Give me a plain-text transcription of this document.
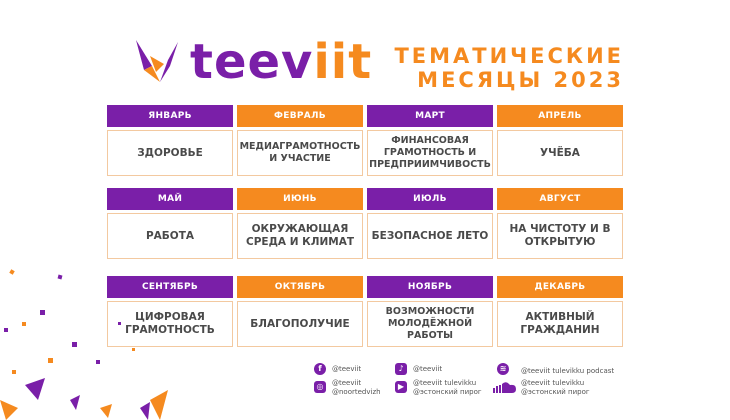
teeviit ТЕМАТИЧЕСКИЕ
МЕСЯЦЫ 2023
ЯНВАРЬ
ЗДОРОВЬЕ
ФЕВРАЛЬ
МЕДИАГРАМОТНОСТЬ И УЧАСТИЕ
МАРТ
ФИНАНСОВАЯ ГРАМОТНОСТЬ И ПРЕДПРИИМЧИВОСТЬ
АПРЕЛЬ
УЧЁБА
МАЙ
РАБОТА
ИЮНЬ
ОКРУЖАЮЩАЯ СРЕДА И КЛИМАТ
ИЮЛЬ
БЕЗОПАСНОЕ ЛЕТО
АВГУСТ
НА ЧИСТОТУ И В ОТКРЫТУЮ
СЕНТЯБРЬ
ЦИФРОВАЯ ГРАМОТНОСТЬ
ОКТЯБРЬ
БЛАГОПОЛУЧИЕ
НОЯБРЬ
ВОЗМОЖНОСТИ МОЛОДЁЖНОЙ РАБОТЫ
ДЕКАБРЬ
АКТИВНЫЙ ГРАЖДАНИН
f	@teeviit
◎	@teeviit
@noortedvizh
♪	@teeviit
▶	@teeviit tulevikku
@эстонский пирог
≋	@teeviit tulevikku podcast
@teeviit tulevikku
@эстонский пирог
